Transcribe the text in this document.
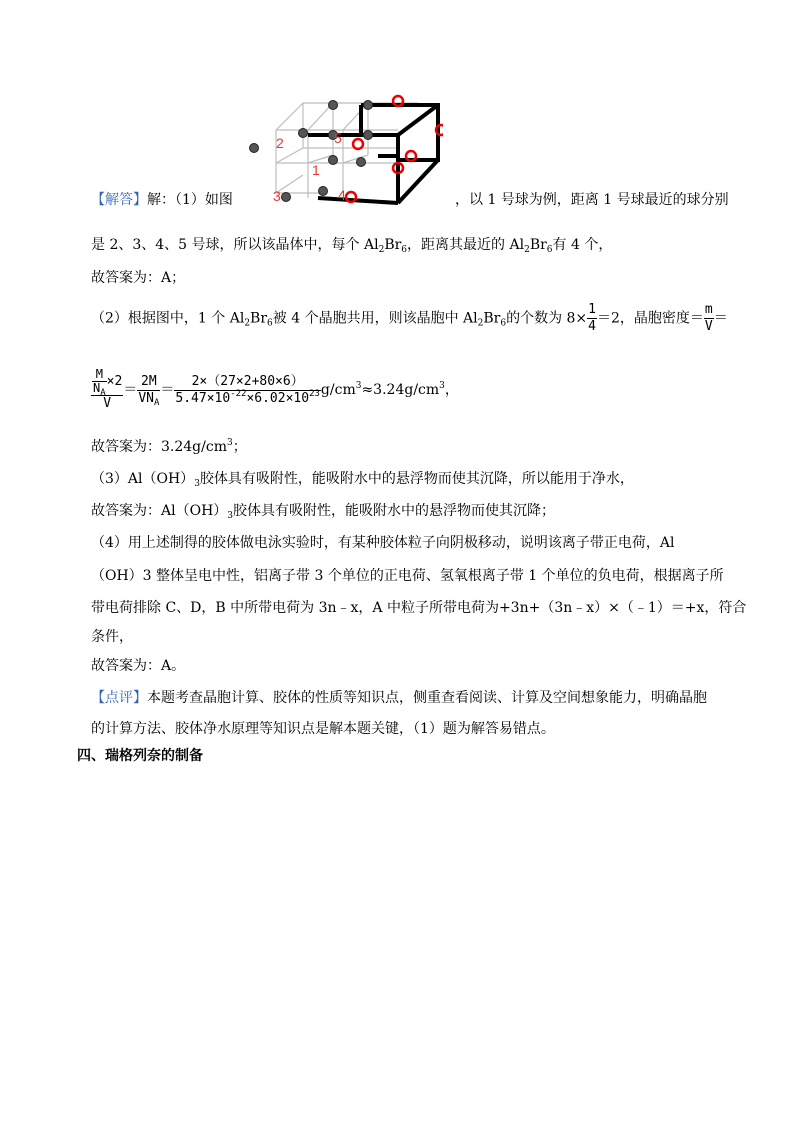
1
2
3	4
5
【解答】解：（1）如图	，以 1 号球为例，距离 1 号球最近的球分别
是 2、3、4、5 号球，所以该晶体中，每个 $Al_2Br_6$，距离其最近的 $Al_2Br_6$有 4 个，
故答案为：A；
（2）根据图中，1 个 $Al_2Br_6$被 4 个晶胞共用，则该晶胞中 $Al_2Br_6$的个数为 $8\times \frac{1}{4} =2$，晶胞密度＝ $\frac{m}{V}$ ＝
$\frac{\frac{M}{N_A} \times 2}{V} = \frac{2M}{VN_A} = \frac{2\times(27\times 2+80\times 6)}{5.47\times 10^{-22}\times 6.02\times 10^{23}} g/cm^3\approx 3.24g/cm^3$，
故答案为：$3.24g/cm^3$；
$(3)Al(OH)_3$胶体具有吸附性，能吸附水中的悬浮物而使其沉降，所以能用于净水，
故答案为：$Al(OH)_3$胶体具有吸附性，能吸附水中的悬浮物而使其沉降；
（4）用上述制得的胶体做电泳实验时，有某种胶体粒子向阴极移动，说明该离子带正电荷，Al
（OH）3 整体呈电中性，铝离子带 3 个单位的正电荷、氢氧根离子带 1 个单位的负电荷，根据离子所
带电荷排除 C、D，B 中所带电荷为 3n﹣x，A 中粒子所带电荷为+3n+（3n﹣x）×（﹣1）＝+x，符合
条件，
故答案为：A。
【点评】本题考查晶胞计算、胶体的性质等知识点，侧重查看阅读、计算及空间想象能力，明确晶胞
的计算方法、胶体净水原理等知识点是解本题关键，（1）题为解答易错点。
四、瑞格列奈的制备
